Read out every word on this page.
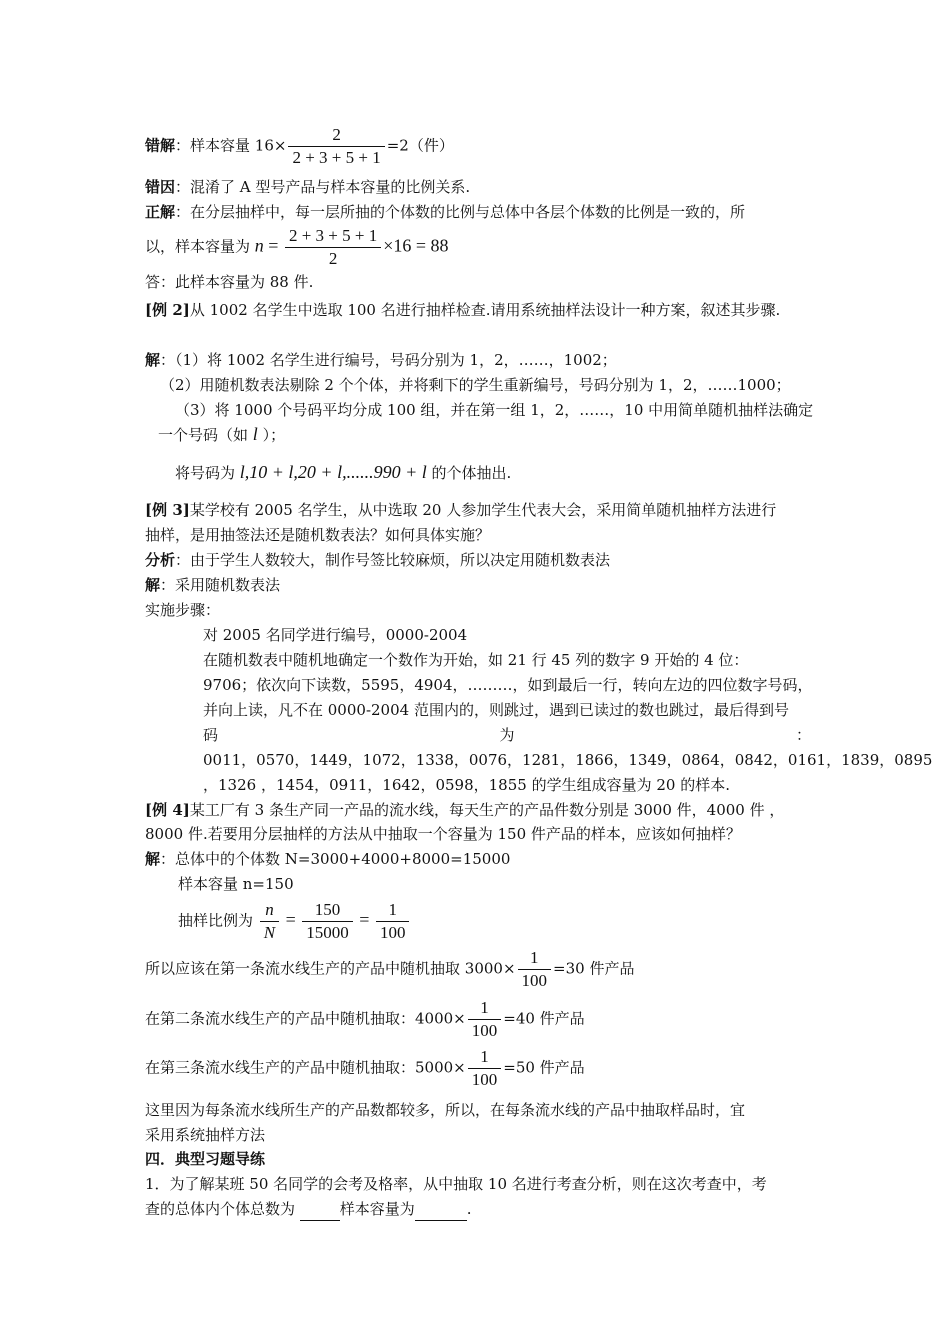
错解：样本容量 $16\times \frac{2}{2 + 3 + 5 + 1} =2$（件）
错因：混淆了 A 型号产品与样本容量的比例关系.
正解：在分层抽样中，每一层所抽的个体数的比例与总体中各层个体数的比例是一致的，所
以，样本容量为 $n = \frac{2 + 3 + 5 + 1}{2} \times 16 = 88$
答：此样本容量为 88 件.
[例 2]从 1002 名学生中选取 100 名进行抽样检查.请用系统抽样法设计一种方案，叙述其步骤.
解：（1）将 1002 名学生进行编号，号码分别为 1，2，……，1002；
（2）用随机数表法剔除 2 个个体，并将剩下的学生重新编号，号码分别为 1，2，……1000；
（3）将 1000 个号码平均分成 100 组，并在第一组 1，2，……，10 中用简单随机抽样法确定
一个号码（如 l ）；
将号码为 l,10 + l,20 + l,......990 + l 的个体抽出.
[例 3]某学校有 2005 名学生，从中选取 20 人参加学生代表大会，采用简单随机抽样方法进行
抽样，是用抽签法还是随机数表法？如何具体实施？
分析：由于学生人数较大，制作号签比较麻烦，所以决定用随机数表法
解：采用随机数表法
实施步骤：
对 2005 名同学进行编号，0000-2004
在随机数表中随机地确定一个数作为开始，如 21 行 45 列的数字 9 开始的 4 位：
9706；依次向下读数，5595，4904，………，如到最后一行，转向左边的四位数字号码，
并向上读，凡不在 0000-2004 范围内的，则跳过，遇到已读过的数也跳过，最后得到号
码	为	：
0011，0570，1449，1072，1338，0076，1281，1866，1349，0864，0842，0161，1839，0895
，1326 ，1454，0911，1642，0598，1855 的学生组成容量为 20 的样本.
[例 4]某工厂有 3 条生产同一产品的流水线，每天生产的产品件数分别是 3000 件，4000 件 ，
8000 件.若要用分层抽样的方法从中抽取一个容量为 150 件产品的样本，应该如何抽样？
解：总体中的个体数 N=3000+4000+8000=15000
样本容量 n=150
抽样比例为 $\frac{n}{N} = \frac{150}{15000} = \frac{1}{100}$
所以应该在第一条流水线生产的产品中随机抽取 $3000\times \frac{1}{100} =30$ 件产品
在第二条流水线生产的产品中随机抽取：$4000\times \frac{1}{100} =40$ 件产品
在第三条流水线生产的产品中随机抽取：$5000\times \frac{1}{100} =50$ 件产品
这里因为每条流水线所生产的产品数都较多，所以，在每条流水线的产品中抽取样品时，宜
采用系统抽样方法
四．典型习题导练
1．为了解某班 50 名同学的会考及格率，从中抽取 10 名进行考查分析，则在这次考查中，考
查的总体内个体总数为	样本容量为	.
